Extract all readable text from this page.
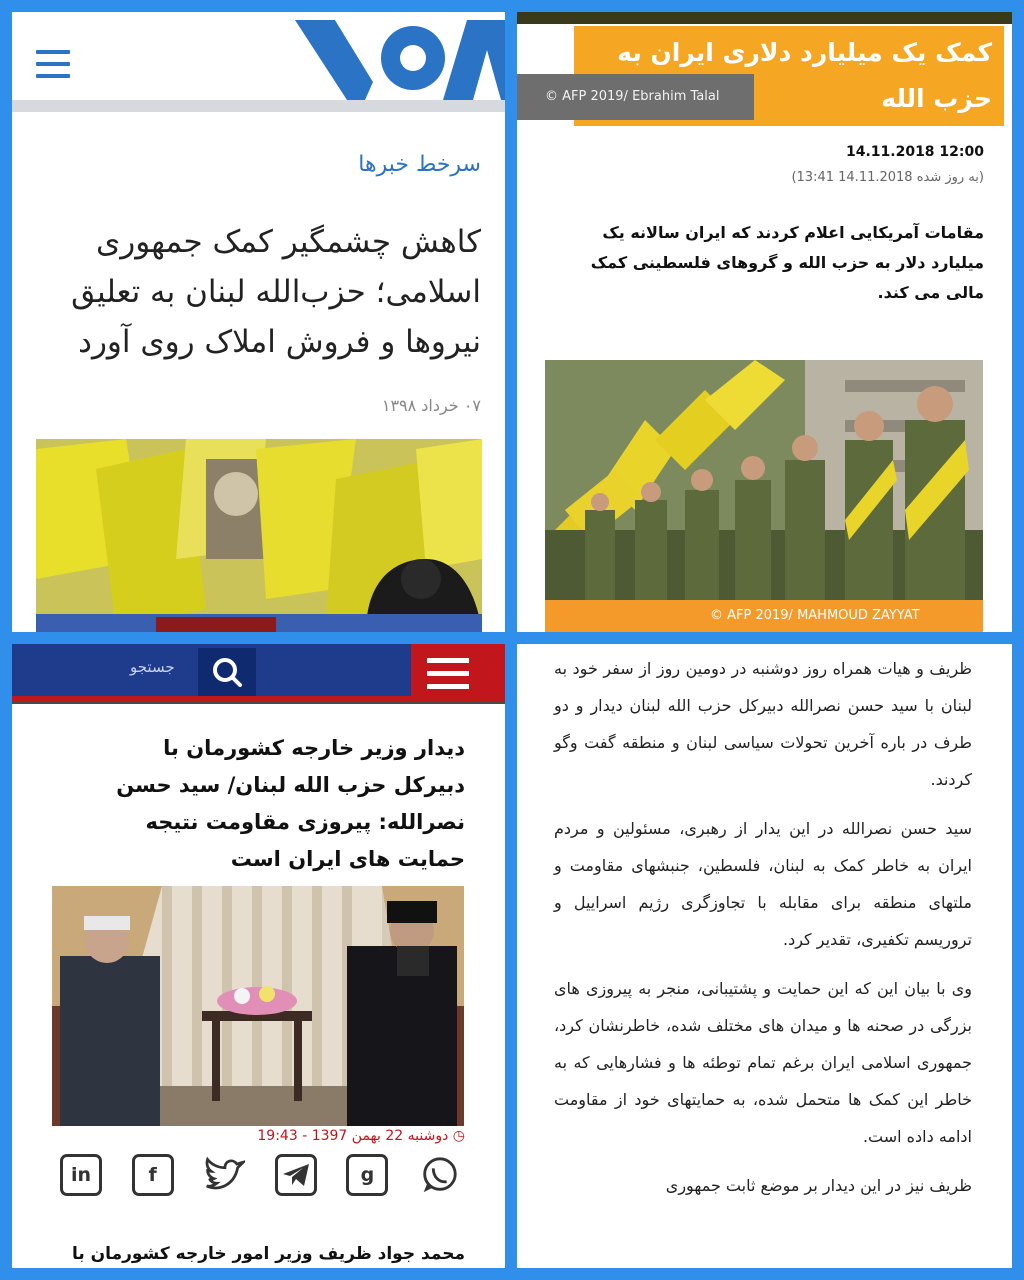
سرخط خبرها
کاهش چشمگیر کمک جمهوری اسلامی؛ حزب‌الله لبنان به تعلیق نیروها و فروش املاک روی آورد
۰۷ خرداد ۱۳۹۸
کمک یک میلیارد دلاری ایران به
حزب الله
© AFP 2019/ Ebrahim Talal
14.11.2018 12:00
(به روز شده 14.11.2018 13:41)
مقامات آمریکایی اعلام کردند که ایران سالانه یک میلیارد دلار به حزب الله و گروهای فلسطینی کمک مالی می کند.
© AFP 2019/ MAHMOUD ZAYYAT
جستجو
دیدار وزیر خارجه کشورمان با دبیرکل حزب الله لبنان/ سید حسن نصرالله: پیروزی مقاومت نتیجه حمایت های ایران است
◷ دوشنبه 22 بهمن 1397 - 19:43
in	f	g
محمد جواد ظریف وزیر امور خارجه کشورمان با

ظریف و هیات همراه روز دوشنبه در دومین روز از سفر خود به لبنان با سید حسن نصرالله دبیرکل حزب الله لبنان دیدار و دو طرف در باره آخرین تحولات سیاسی لبنان و منطقه گفت وگو کردند.

سید حسن نصرالله در این یدار از رهبری، مسئولین و مردم ایران به خاطر کمک به لبنان، فلسطین، جنبشهای مقاومت و ملتهای منطقه برای مقابله با تجاوزگری رژیم اسراییل و تروریسم تکفیری، تقدیر کرد.

وی با بیان این که این حمایت و پشتیبانی، منجر به پیروزی های بزرگی در صحنه ها و میدان های مختلف شده، خاطرنشان کرد، جمهوری اسلامی ایران برغم تمام توطئه ها و فشارهایی که به خاطر این کمک ها متحمل شده، به حمایتهای خود از مقاومت ادامه داده است.

ظریف نیز در این دیدار بر موضع ثابت جمهوری
